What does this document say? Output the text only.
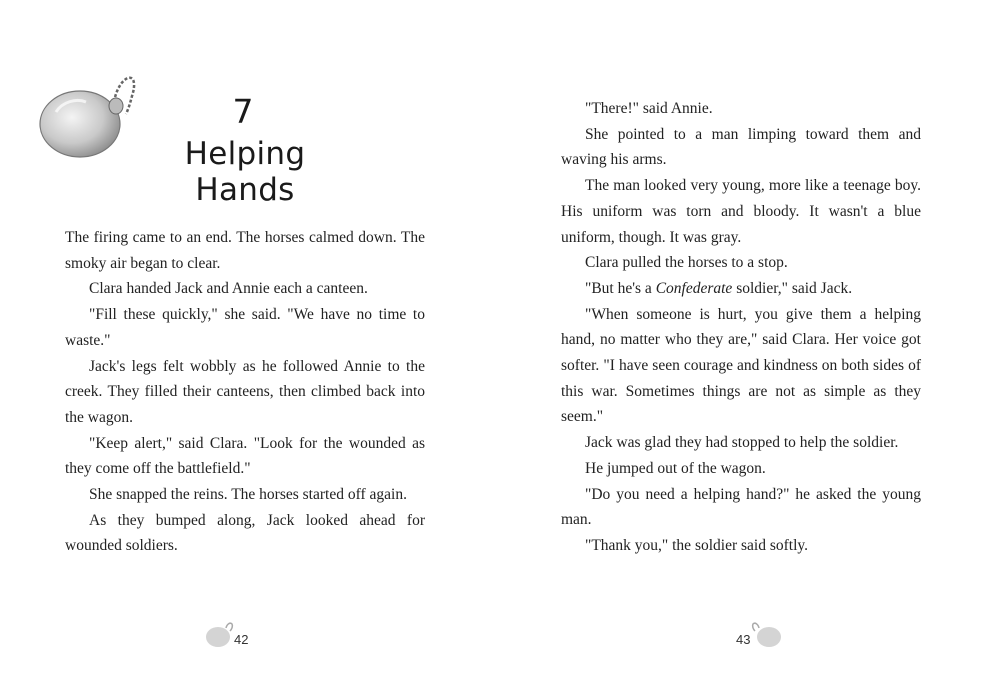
7
Helping Hands

The firing came to an end. The horses calmed down. The smoky air began to clear.

Clara handed Jack and Annie each a canteen.

"Fill these quickly," she said. "We have no time to waste."

Jack's legs felt wobbly as he followed Annie to the creek. They filled their canteens, then climbed back into the wagon.

"Keep alert," said Clara. "Look for the wounded as they come off the battlefield."

She snapped the reins. The horses started off again.

As they bumped along, Jack looked ahead for wounded soldiers.

42

"There!" said Annie.

She pointed to a man limping toward them and waving his arms.

The man looked very young, more like a teenage boy. His uniform was torn and bloody. It wasn't a blue uniform, though. It was gray.

Clara pulled the horses to a stop.

"But he's a Confederate soldier," said Jack.

"When someone is hurt, you give them a helping hand, no matter who they are," said Clara. Her voice got softer. "I have seen courage and kindness on both sides of this war. Sometimes things are not as simple as they seem."

Jack was glad they had stopped to help the soldier.

He jumped out of the wagon.

"Do you need a helping hand?" he asked the young man.

"Thank you," the soldier said softly.

43
